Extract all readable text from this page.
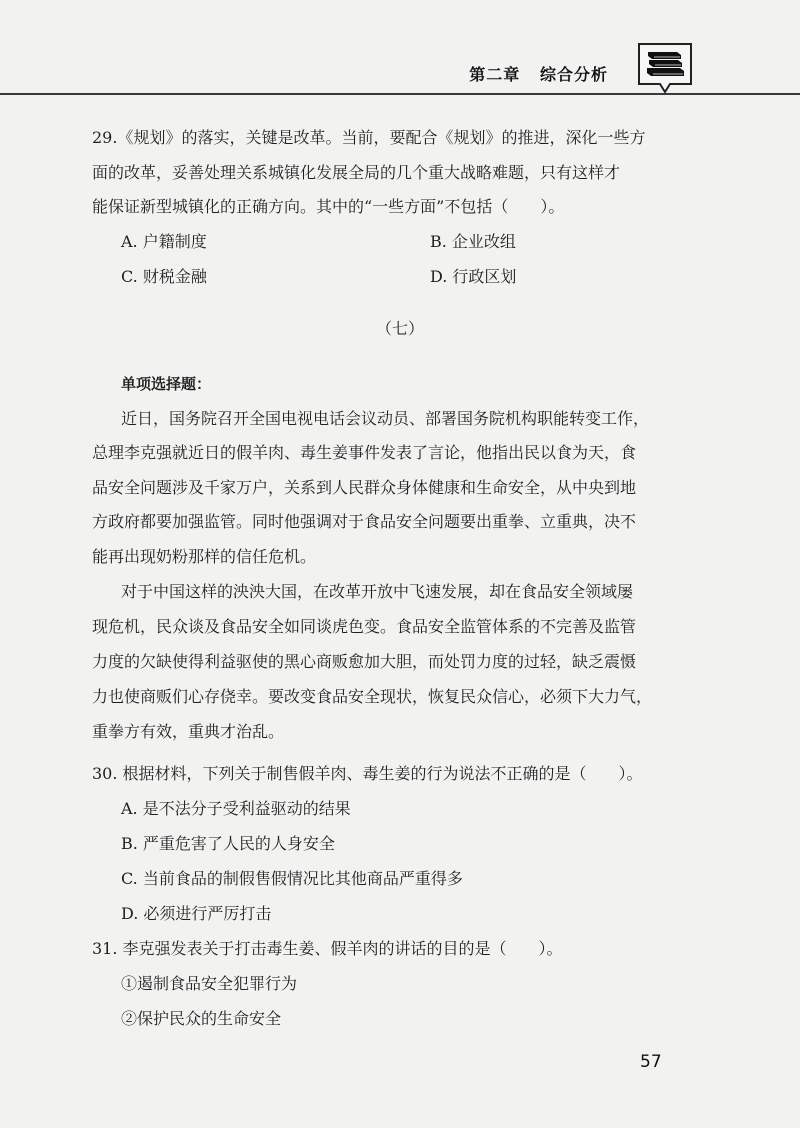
第二章 综合分析
29.《规划》的落实，关键是改革。当前，要配合《规划》的推进，深化一些方
面的改革，妥善处理关系城镇化发展全局的几个重大战略难题，只有这样才
能保证新型城镇化的正确方向。其中的“一些方面”不包括（　　）。
A. 户籍制度	B. 企业改组
C. 财税金融	D. 行政区划
（七）
单项选择题：
近日，国务院召开全国电视电话会议动员、部署国务院机构职能转变工作，
总理李克强就近日的假羊肉、毒生姜事件发表了言论，他指出民以食为天，食
品安全问题涉及千家万户，关系到人民群众身体健康和生命安全，从中央到地
方政府都要加强监管。同时他强调对于食品安全问题要出重拳、立重典，决不
能再出现奶粉那样的信任危机。
对于中国这样的泱泱大国，在改革开放中飞速发展，却在食品安全领域屡
现危机，民众谈及食品安全如同谈虎色变。食品安全监管体系的不完善及监管
力度的欠缺使得利益驱使的黑心商贩愈加大胆，而处罚力度的过轻，缺乏震慑
力也使商贩们心存侥幸。要改变食品安全现状，恢复民众信心，必须下大力气，
重拳方有效，重典才治乱。
30. 根据材料，下列关于制售假羊肉、毒生姜的行为说法不正确的是（　　）。
A. 是不法分子受利益驱动的结果
B. 严重危害了人民的人身安全
C. 当前食品的制假售假情况比其他商品严重得多
D. 必须进行严厉打击
31. 李克强发表关于打击毒生姜、假羊肉的讲话的目的是（　　）。
①遏制食品安全犯罪行为
②保护民众的生命安全
57
